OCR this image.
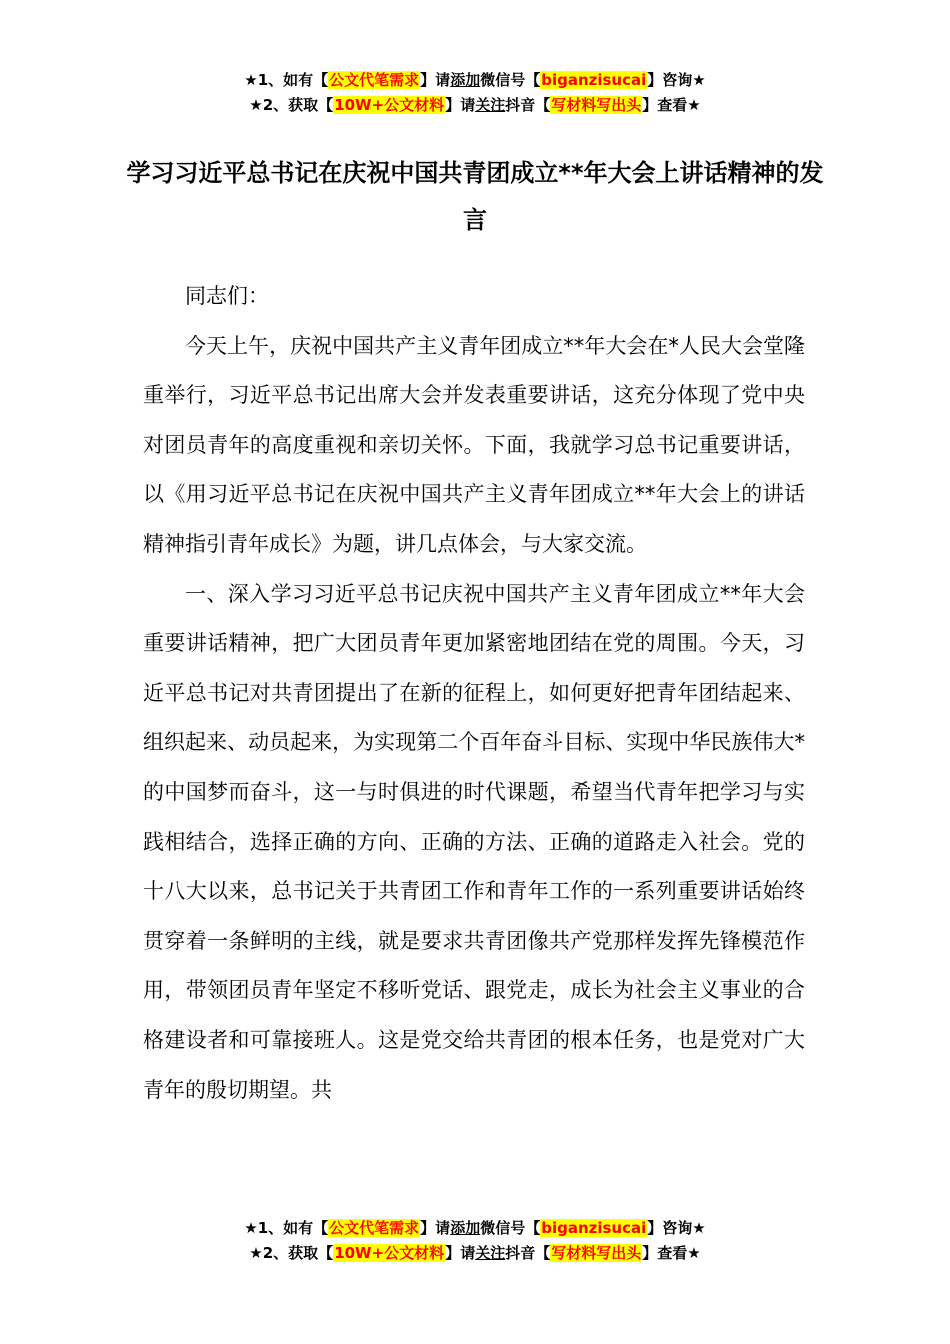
★1、如有【公文代笔需求】请添加微信号【biganzisucai】咨询★
★2、获取【10W+公文材料】请关注抖音【写材料写出头】查看★
学习习近平总书记在庆祝中国共青团成立**年大会上讲话精神的发言

同志们：

今天上午，庆祝中国共产主义青年团成立**年大会在*人民大会堂隆重举行，习近平总书记出席大会并发表重要讲话，这充分体现了党中央对团员青年的高度重视和亲切关怀。下面，我就学习总书记重要讲话，以《用习近平总书记在庆祝中国共产主义青年团成立**年大会上的讲话精神指引青年成长》为题，讲几点体会，与大家交流。

一、深入学习习近平总书记庆祝中国共产主义青年团成立**年大会重要讲话精神，把广大团员青年更加紧密地团结在党的周围。今天，习近平总书记对共青团提出了在新的征程上，如何更好把青年团结起来、组织起来、动员起来，为实现第二个百年奋斗目标、实现中华民族伟大*的中国梦而奋斗，这一与时俱进的时代课题，希望当代青年把学习与实践相结合，选择正确的方向、正确的方法、正确的道路走入社会。党的十八大以来，总书记关于共青团工作和青年工作的一系列重要讲话始终贯穿着一条鲜明的主线，就是要求共青团像共产党那样发挥先锋模范作用，带领团员青年坚定不移听党话、跟党走，成长为社会主义事业的合格建设者和可靠接班人。这是党交给共青团的根本任务，也是党对广大青年的殷切期望。共

★1、如有【公文代笔需求】请添加微信号【biganzisucai】咨询★
★2、获取【10W+公文材料】请关注抖音【写材料写出头】查看★
